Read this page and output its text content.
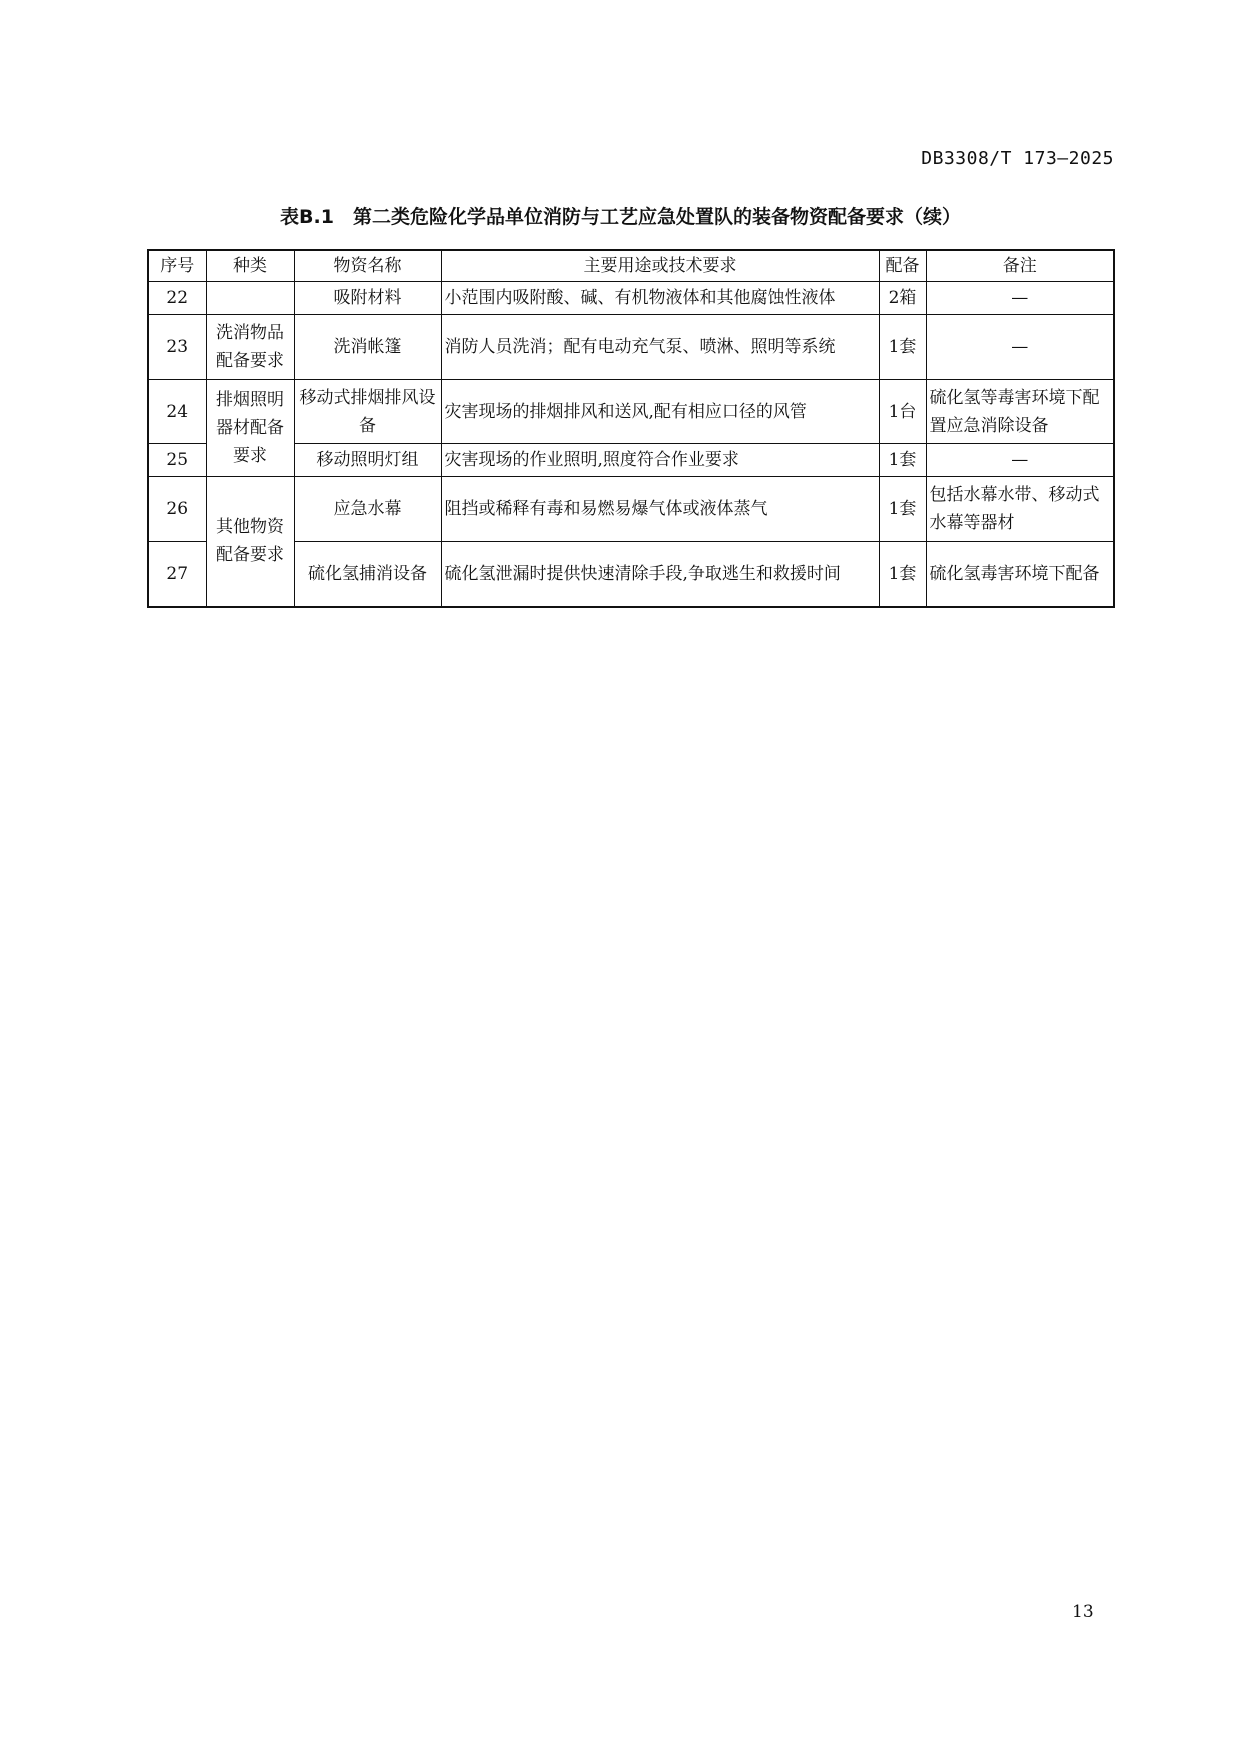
DB3308/T 173—2025
表B.1　第二类危险化学品单位消防与工艺应急处置队的装备物资配备要求（续）
序号	种类	物资名称	主要用途或技术要求	配备	备注
22		吸附材料	小范围内吸附酸、碱、有机物液体和其他腐蚀性液体	2箱	—
23	洗消物品配备要求	洗消帐篷	消防人员洗消；配有电动充气泵、喷淋、照明等系统	1套	—
24	排烟照明器材配备要求	移动式排烟排风设备	灾害现场的排烟排风和送风,配有相应口径的风管	1台	硫化氢等毒害环境下配置应急消除设备
25		移动照明灯组	灾害现场的作业照明,照度符合作业要求	1套	—
26	其他物资配备要求	应急水幕	阻挡或稀释有毒和易燃易爆气体或液体蒸气	1套	包括水幕水带、移动式水幕等器材
27		硫化氢捕消设备	硫化氢泄漏时提供快速清除手段,争取逃生和救援时间	1套	硫化氢毒害环境下配备
13
